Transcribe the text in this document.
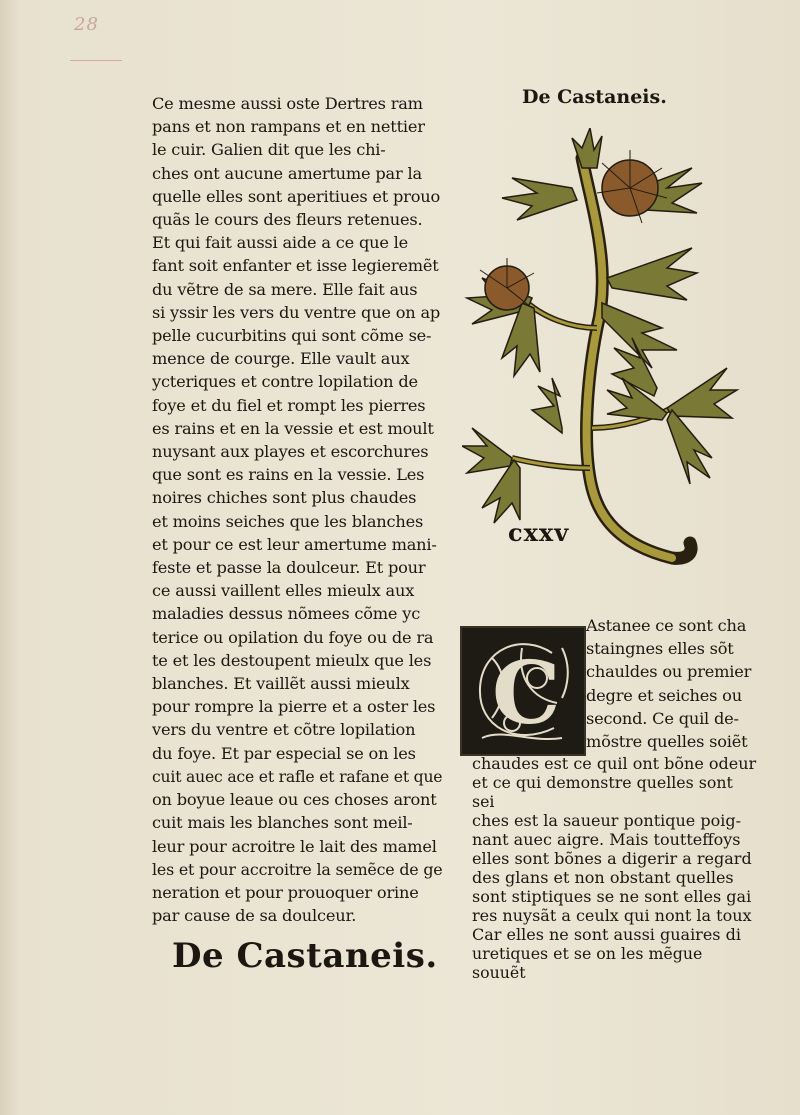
28
Ce mesme aussi oste Dertres ram
pans et non rampans et en nettier
le cuir. Galien dit que les chi-
ches ont aucune amertume par la
quelle elles sont aperitiues et prouo
quãs le cours des fleurs retenues.
Et qui fait aussi aide a ce que le
fant soit enfanter et isse legieremẽt
du vẽtre de sa mere. Elle fait aus
si yssir les vers du ventre que on ap
pelle cucurbitins qui sont cõme se-
mence de courge. Elle vault aux
ycteriques et contre lopilation de
foye et du fiel et rompt les pierres
es rains et en la vessie et est moult
nuysant aux playes et escorchures
que sont es rains en la vessie. Les
noires chiches sont plus chaudes
et moins seiches que les blanches
et pour ce est leur amertume mani-
feste et passe la doulceur. Et pour
ce aussi vaillent elles mieulx aux
maladies dessus nõmees cõme yc
terice ou opilation du foye ou de ra
te et les destoupent mieulx que les
blanches. Et vaillẽt aussi mieulx
pour rompre la pierre et a oster les
vers du ventre et cõtre lopilation
du foye. Et par especial se on les
cuit auec ace et rafle et rafane et que
on boyue leaue ou ces choses aront
cuit mais les blanches sont meil-
leur pour acroitre le lait des mamel
les et pour accroitre la semẽce de ge
neration et pour prouoquer orine
par cause de sa doulceur.
De Castaneis.
De Castaneis.
cxxv
C
Astanee ce sont cha
staingnes elles sõt
chauldes ou premier
degre et seiches ou
second. Ce quil de-
mõstre quelles soiẽt
chaudes est ce quil ont bõne odeur
et ce qui demonstre quelles sont sei
ches est la saueur pontique poig-
nant auec aigre. Mais toutteffoys
elles sont bõnes a digerir a regard
des glans et non obstant quelles
sont stiptiques se ne sont elles gai
res nuysãt a ceulx qui nont la toux
Car elles ne sont aussi guaires di
uretiques et se on les mẽgue souuẽt
